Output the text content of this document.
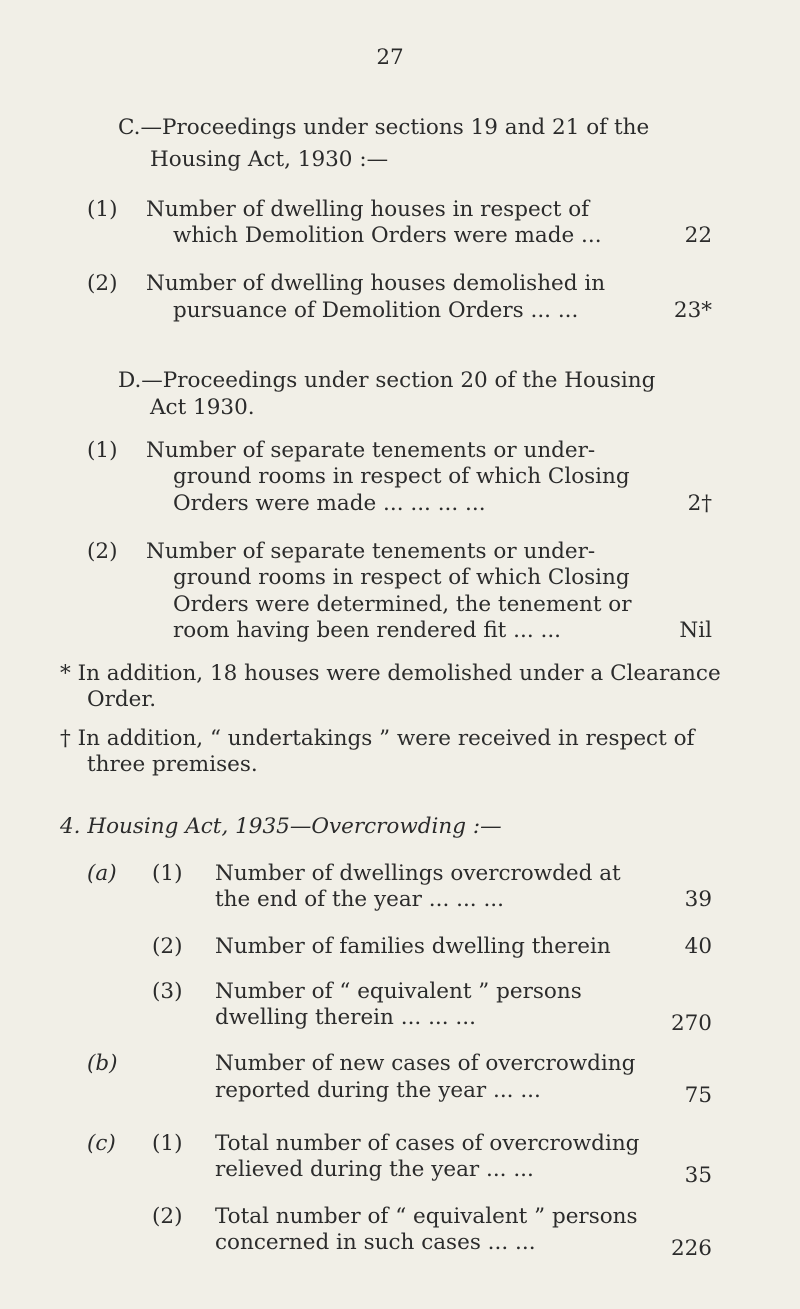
27
C.—Proceedings under sections 19 and 21 of the
Housing Act, 1930 :—
(1) Number of dwelling houses in respect of
which Demolition Orders were made ...	22
(2) Number of dwelling houses demolished in
pursuance of Demolition Orders ... ...	23*
D.—Proceedings under section 20 of the Housing
Act 1930.
(1) Number of separate tenements or under-
ground rooms in respect of which Closing
Orders were made ... ... ... ...	2†
(2) Number of separate tenements or under-
ground rooms in respect of which Closing
Orders were determined, the tenement or
room having been rendered fit ... ...	Nil
* In addition, 18 houses were demolished under a Clearance
Order.
† In addition, “ undertakings ” were received in respect of
three premises.
4. Housing Act, 1935—Overcrowding :—
(a) (1) Number of dwellings overcrowded at
the end of the year ... ... ...	39
(2) Number of families dwelling therein	40
(3) Number of “ equivalent ” persons
dwelling therein ... ... ...	270
(b)	Number of new cases of overcrowding
reported during the year ... ...	75
(c) (1) Total number of cases of overcrowding
relieved during the year ... ...	35
(2) Total number of “ equivalent ” persons
concerned in such cases ... ...	226
